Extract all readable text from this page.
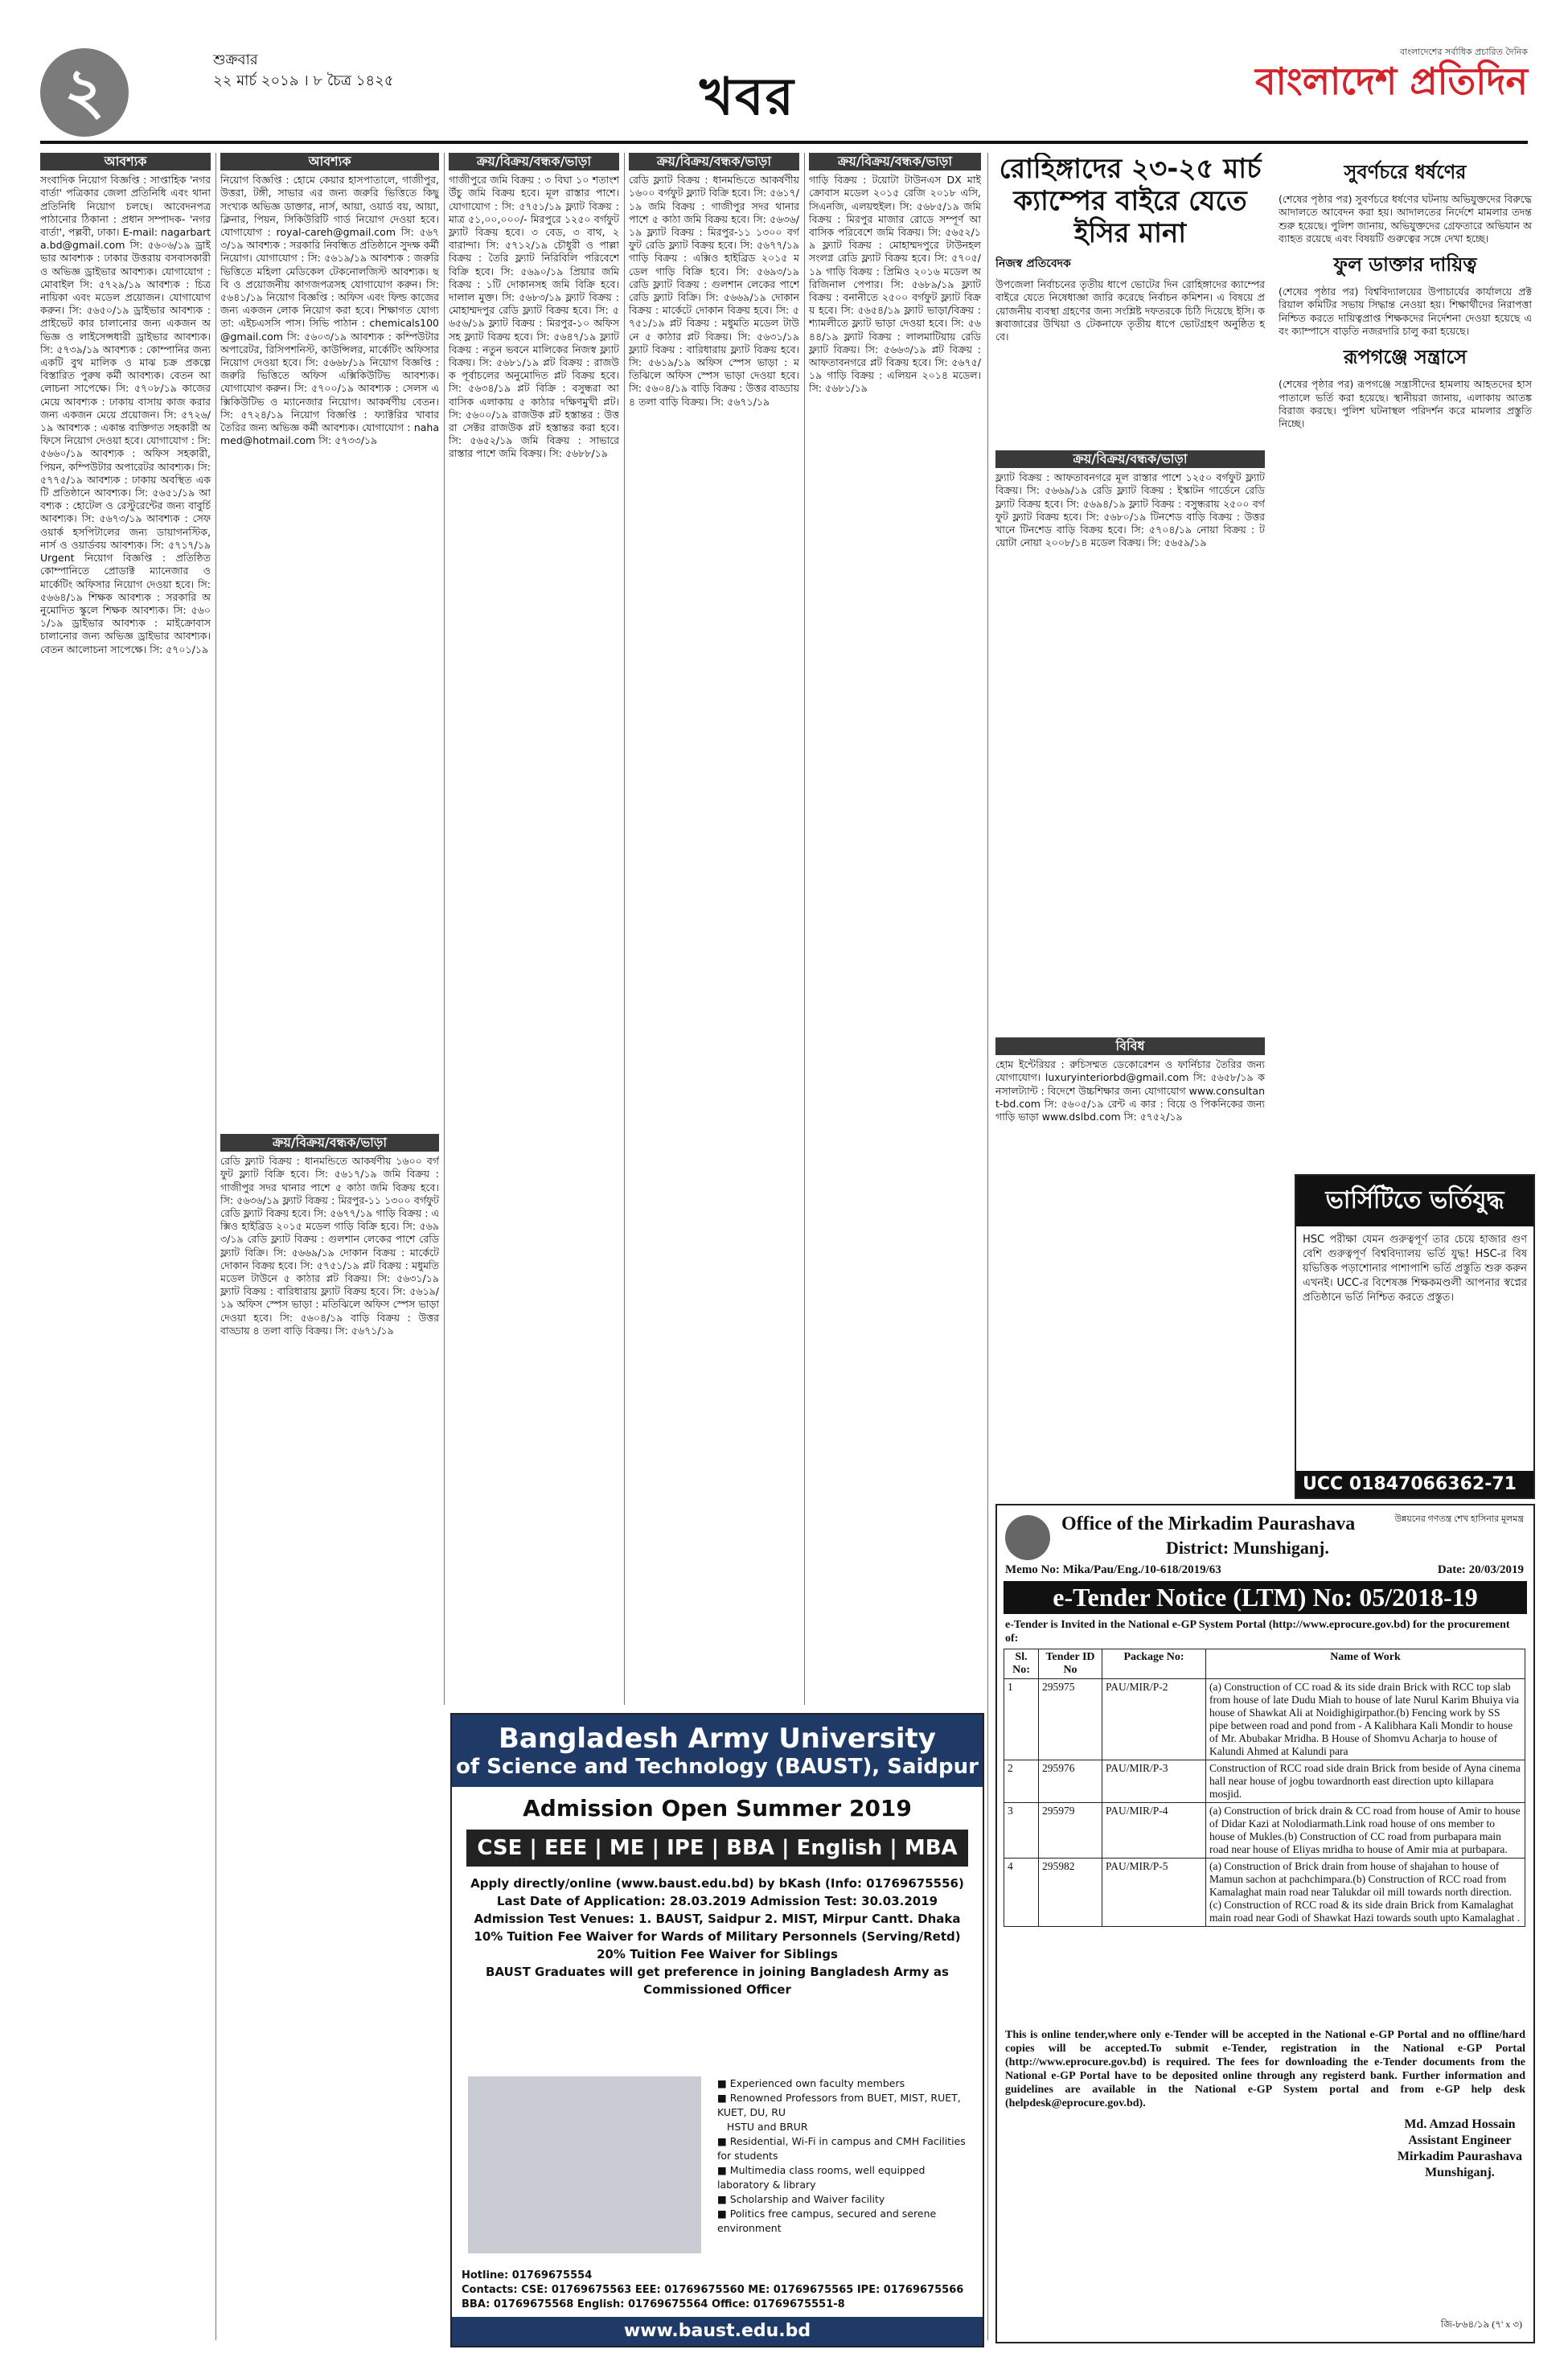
২	শুক্রবার
২২ মার্চ ২০১৯ । ৮ চৈত্র ১৪২৫	খবর
বাংলাদেশের সর্বাধিক প্রচারিত দৈনিক
বাংলাদেশ প্রতিদিন
আবশ্যক
সংবাদিক নিয়োগ বিজ্ঞপ্তি : সাপ্তাহিক 'নগরবার্তা' পত্রিকার জেলা প্রতিনিধি এবং থানা প্রতিনিধি নিয়োগ চলছে। আবেদনপত্র পাঠানোর ঠিকানা : প্রধান সম্পাদক- 'নগরবার্তা', পল্লবী, ঢাকা। E-mail: nagarbarta.bd@gmail.com সি: ৫৬০৬/১৯ ড্রাইভার আবশ্যক : ঢাকার উত্তরায় বসবাসকারী ও অভিজ্ঞ ড্রাইভার আবশ্যক। যোগাযোগ : মোবাইল সি: ৫৭২৯/১৯ আবশ্যক : চিত্রনায়িকা এবং মডেল প্রয়োজন। যোগাযোগ করুন। সি: ৫৬৫০/১৯ ড্রাইভার আবশ্যক : প্রাইভেট কার চালানোর জন্য একজন অভিজ্ঞ ও লাইসেন্সধারী ড্রাইভার আবশ্যক। সি: ৫৭৩৯/১৯ আবশ্যক : কোম্পানির জন্য একটি বুথ মালিক ও মাঝ চক্র প্রকল্পে বিস্তারিত পুরুষ কর্মী আবশ্যক। বেতন আলোচনা সাপেক্ষে। সি: ৫৭০৮/১৯ কাজের মেয়ে আবশ্যক : ঢাকায় বাসায় কাজ করার জন্য একজন মেয়ে প্রয়োজন। সি: ৫৭২৬/১৯ আবশ্যক : একান্ত ব্যক্তিগত সহকারী অফিসে নিয়োগ দেওয়া হবে। যোগাযোগ : সি: ৫৬৬০/১৯ আবশ্যক : অফিস সহকারী, পিয়ন, কম্পিউটার অপারেটর আবশ্যক। সি: ৫৭৭৫/১৯ আবশ্যক : ঢাকায় অবস্থিত একটি প্রতিষ্ঠানে আবশ্যক। সি: ৫৬৫১/১৯ আবশ্যক : হোটেল ও রেস্টুরেন্টের জন্য বাবুর্চি আবশ্যক। সি: ৫৬৭৩/১৯ আবশ্যক : সেফ ওয়ার্ক হসপিটালের জন্য ডায়াগনস্টিক, নার্স ও ওয়ার্ডবয় আবশ্যক। সি: ৫৭১৭/১৯ Urgent নিয়োগ বিজ্ঞপ্তি : প্রতিষ্ঠিত কোম্পানিতে প্রোডাক্ট ম্যানেজার ও মার্কেটিং অফিসার নিয়োগ দেওয়া হবে। সি: ৫৬৬৪/১৯ শিক্ষক আবশ্যক : সরকারি অনুমোদিত স্কুলে শিক্ষক আবশ্যক। সি: ৫৬০১/১৯ ড্রাইভার আবশ্যক : মাইক্রোবাস চালানোর জন্য অভিজ্ঞ ড্রাইভার আবশ্যক। বেতন আলোচনা সাপেক্ষে। সি: ৫৭০১/১৯
আবশ্যক
নিয়োগ বিজ্ঞপ্তি : হোমে কেয়ার হাসপাতালে, গাজীপুর, উত্তরা, টঙ্গী, সাভার এর জন্য জরুরি ভিত্তিতে কিছু সংখ্যক অভিজ্ঞ ডাক্তার, নার্স, আয়া, ওয়ার্ড বয়, আয়া, ক্লিনার, পিয়ন, সিকিউরিটি গার্ড নিয়োগ দেওয়া হবে। যোগাযোগ : royal-careh@gmail.com সি: ৫৬৭৩/১৯ আবশ্যক : সরকারি নিবন্ধিত প্রতিষ্ঠানে সুদক্ষ কর্মী নিয়োগ। যোগাযোগ : সি: ৫৬১৯/১৯ আবশ্যক : জরুরি ভিত্তিতে মহিলা মেডিকেল টেকনোলজিস্ট আবশ্যক। ছবি ও প্রয়োজনীয় কাগজপত্রসহ যোগাযোগ করুন। সি: ৫৬৪১/১৯ নিয়োগ বিজ্ঞপ্তি : অফিস এবং ফিল্ড কাজের জন্য একজন লোক নিয়োগ করা হবে। শিক্ষাগত যোগ্যতা: এইচএসসি পাস। সিভি পাঠান : chemicals100@gmail.com সি: ৫৬০৩/১৯ আবশ্যক : কম্পিউটার অপারেটর, রিসিপশনিস্ট, কাউন্সিলর, মার্কেটিং অফিসার নিয়োগ দেওয়া হবে। সি: ৫৬৬৮/১৯ নিয়োগ বিজ্ঞপ্তি : জরুরি ভিত্তিতে অফিস এক্সিকিউটিভ আবশ্যক। যোগাযোগ করুন। সি: ৫৭০০/১৯ আবশ্যক : সেলস এক্সিকিউটিভ ও ম্যানেজার নিয়োগ। আকর্ষণীয় বেতন। সি: ৫৭২৪/১৯ নিয়োগ বিজ্ঞপ্তি : ফ্যাক্টরির খাবার তৈরির জন্য অভিজ্ঞ কর্মী আবশ্যক। যোগাযোগ : nahamed@hotmail.com সি: ৫৭৩৩/১৯
ক্রয়/বিক্রয়/বন্ধক/ভাড়া
গাজীপুরে জমি বিক্রয় : ৩ বিঘা ১০ শতাংশ উঁচু জমি বিক্রয় হবে। মূল রাস্তার পাশে। যোগাযোগ : সি: ৫৭৫১/১৯ ফ্ল্যাট বিক্রয় : মাত্র ৫১,০০,০০০/- মিরপুরে ১২৫০ বর্গফুট ফ্ল্যাট বিক্রয় হবে। ৩ বেড, ৩ বাথ, ২ বারান্দা। সি: ৫৭১২/১৯ চৌধুরী ও পাল্লা বিক্রয় : তৈরি ফ্ল্যাট নিরিবিলি পরিবেশে বিক্রি হবে। সি: ৫৬৯০/১৯ প্রিয়ার জমি বিক্রয় : ১টি দোকানসহ জমি বিক্রি হবে। দালাল মুক্ত। সি: ৫৬৮৩/১৯ ফ্ল্যাট বিক্রয় : মোহাম্মদপুর রেডি ফ্ল্যাট বিক্রয় হবে। সি: ৫৬৫৬/১৯ ফ্ল্যাট বিক্রয় : মিরপুর-১০ অফিসসহ ফ্ল্যাট বিক্রয় হবে। সি: ৫৬৪৭/১৯ ফ্ল্যাট বিক্রয় : নতুন ভবনে মালিকের নিজস্ব ফ্ল্যাট বিক্রয়। সি: ৫৬৮১/১৯ প্লট বিক্রয় : রাজউক পূর্বাচলের অনুমোদিত প্লট বিক্রয় হবে। সি: ৫৬৩৪/১৯ প্লট বিক্রি : বসুন্ধরা আবাসিক এলাকায় ৫ কাঠার দক্ষিণমুখী প্লট। সি: ৫৬০০/১৯ রাজউক প্লট হস্তান্তর : উত্তরা সেক্টর রাজউক প্লট হস্তান্তর করা হবে। সি: ৫৬৫২/১৯ জমি বিক্রয় : সাভারে রাস্তার পাশে জমি বিক্রয়। সি: ৫৬৮৮/১৯
ক্রয়/বিক্রয়/বন্ধক/ভাড়া
রেডি ফ্ল্যাট বিক্রয় : ধানমন্ডিতে আকর্ষণীয় ১৬০০ বর্গফুট ফ্ল্যাট বিক্রি হবে। সি: ৫৬১৭/১৯ জমি বিক্রয় : গাজীপুর সদর থানার পাশে ৫ কাঠা জমি বিক্রয় হবে। সি: ৫৬৩৬/১৯ ফ্ল্যাট বিক্রয় : মিরপুর-১১ ১৩০০ বর্গফুট রেডি ফ্ল্যাট বিক্রয় হবে। সি: ৫৬৭৭/১৯ গাড়ি বিক্রয় : এক্সিও হাইব্রিড ২০১৫ মডেল গাড়ি বিক্রি হবে। সি: ৫৬৯৩/১৯ রেডি ফ্ল্যাট বিক্রয় : গুলশান লেকের পাশে রেডি ফ্ল্যাট বিক্রি। সি: ৫৬৬৯/১৯ দোকান বিক্রয় : মার্কেটে দোকান বিক্রয় হবে। সি: ৫৭৫১/১৯ প্লট বিক্রয় : মধুমতি মডেল টাউনে ৫ কাঠার প্লট বিক্রয়। সি: ৫৬৩১/১৯ ফ্ল্যাট বিক্রয় : বারিধারায় ফ্ল্যাট বিক্রয় হবে। সি: ৫৬১৯/১৯ অফিস স্পেস ভাড়া : মতিঝিলে অফিস স্পেস ভাড়া দেওয়া হবে। সি: ৫৬০৪/১৯ বাড়ি বিক্রয় : উত্তর বাড্ডায় ৪ তলা বাড়ি বিক্রয়। সি: ৫৬৭১/১৯
ক্রয়/বিক্রয়/বন্ধক/ভাড়া
গাড়ি বিক্রয় : টয়োটা টাউনএস DX মাইক্রোবাস মডেল ২০১৫ রেজি ২০১৮ এসি, সিএনজি, এলয়হুইল। সি: ৫৬৮৫/১৯ জমি বিক্রয় : মিরপুর মাজার রোডে সম্পূর্ণ আবাসিক পরিবেশে জমি বিক্রয়। সি: ৫৬৫২/১৯ ফ্ল্যাট বিক্রয় : মোহাম্মদপুরে টাউনহল সংলগ্ন রেডি ফ্ল্যাট বিক্রয় হবে। সি: ৫৭০৫/১৯ গাড়ি বিক্রয় : প্রিমিও ২০১৬ মডেল অরিজিনাল পেপার। সি: ৫৬৮৯/১৯ ফ্ল্যাট বিক্রয় : বনানীতে ২৫০০ বর্গফুট ফ্ল্যাট বিক্রয় হবে। সি: ৫৬৫৪/১৯ ফ্ল্যাট ভাড়া/বিক্রয় : শ্যামলীতে ফ্ল্যাট ভাড়া দেওয়া হবে। সি: ৫৬৪৪/১৯ ফ্ল্যাট বিক্রয় : লালমাটিয়ায় রেডি ফ্ল্যাট বিক্রয়। সি: ৫৬৬৩/১৯ প্লট বিক্রয় : আফতাবনগরে প্লট বিক্রয় হবে। সি: ৫৬৭৫/১৯ গাড়ি বিক্রয় : এলিয়ন ২০১৪ মডেল। সি: ৫৬৮১/১৯
ক্রয়/বিক্রয়/বন্ধক/ভাড়া
রেডি ফ্ল্যাট বিক্রয় : ধানমন্ডিতে আকর্ষণীয় ১৬০০ বর্গফুট ফ্ল্যাট বিক্রি হবে। সি: ৫৬১৭/১৯ জমি বিক্রয় : গাজীপুর সদর থানার পাশে ৫ কাঠা জমি বিক্রয় হবে। সি: ৫৬৩৬/১৯ ফ্ল্যাট বিক্রয় : মিরপুর-১১ ১৩০০ বর্গফুট রেডি ফ্ল্যাট বিক্রয় হবে। সি: ৫৬৭৭/১৯ গাড়ি বিক্রয় : এক্সিও হাইব্রিড ২০১৫ মডেল গাড়ি বিক্রি হবে। সি: ৫৬৯৩/১৯ রেডি ফ্ল্যাট বিক্রয় : গুলশান লেকের পাশে রেডি ফ্ল্যাট বিক্রি। সি: ৫৬৬৯/১৯ দোকান বিক্রয় : মার্কেটে দোকান বিক্রয় হবে। সি: ৫৭৫১/১৯ প্লট বিক্রয় : মধুমতি মডেল টাউনে ৫ কাঠার প্লট বিক্রয়। সি: ৫৬৩১/১৯ ফ্ল্যাট বিক্রয় : বারিধারায় ফ্ল্যাট বিক্রয় হবে। সি: ৫৬১৯/১৯ অফিস স্পেস ভাড়া : মতিঝিলে অফিস স্পেস ভাড়া দেওয়া হবে। সি: ৫৬০৪/১৯ বাড়ি বিক্রয় : উত্তর বাড্ডায় ৪ তলা বাড়ি বিক্রয়। সি: ৫৬৭১/১৯
রোহিঙ্গাদের ২৩-২৫ মার্চ ক্যাম্পের বাইরে যেতে ইসির মানা
নিজস্ব প্রতিবেদক
উপজেলা নির্বাচনের তৃতীয় ধাপে ভোটের দিন রোহিঙ্গাদের ক্যাম্পের বাইরে যেতে নিষেধাজ্ঞা জারি করেছে নির্বাচন কমিশন। এ বিষয়ে প্রয়োজনীয় ব্যবস্থা গ্রহণের জন্য সংশ্লিষ্ট দফতরকে চিঠি দিয়েছে ইসি। কক্সবাজারের উখিয়া ও টেকনাফে তৃতীয় ধাপে ভোটগ্রহণ অনুষ্ঠিত হবে।
সুবর্ণচরে ধর্ষণের
(শেষের পৃষ্ঠার পর) সুবর্ণচরে ধর্ষণের ঘটনায় অভিযুক্তদের বিরুদ্ধে আদালতে আবেদন করা হয়। আদালতের নির্দেশে মামলার তদন্ত শুরু হয়েছে। পুলিশ জানায়, অভিযুক্তদের গ্রেফতারে অভিযান অব্যাহত রয়েছে এবং বিষয়টি গুরুত্বের সঙ্গে দেখা হচ্ছে।
ফুল ডাক্তার দায়িত্ব
(শেষের পৃষ্ঠার পর) বিশ্ববিদ্যালয়ের উপাচার্যের কার্যালয়ে প্রক্টরিয়াল কমিটির সভায় সিদ্ধান্ত নেওয়া হয়। শিক্ষার্থীদের নিরাপত্তা নিশ্চিত করতে দায়িত্বপ্রাপ্ত শিক্ষকদের নির্দেশনা দেওয়া হয়েছে এবং ক্যাম্পাসে বাড়তি নজরদারি চালু করা হয়েছে।
রূপগঞ্জে সন্ত্রাসে
(শেষের পৃষ্ঠার পর) রূপগঞ্জে সন্ত্রাসীদের হামলায় আহতদের হাসপাতালে ভর্তি করা হয়েছে। স্থানীয়রা জানায়, এলাকায় আতঙ্ক বিরাজ করছে। পুলিশ ঘটনাস্থল পরিদর্শন করে মামলার প্রস্তুতি নিচ্ছে।
ক্রয়/বিক্রয়/বন্ধক/ভাড়া
ফ্ল্যাট বিক্রয় : আফতাবনগরে মূল রাস্তার পাশে ১২৫০ বর্গফুট ফ্ল্যাট বিক্রয়। সি: ৫৬৬৯/১৯ রেডি ফ্ল্যাট বিক্রয় : ইস্কাটন গার্ডেনে রেডি ফ্ল্যাট বিক্রয় হবে। সি: ৫৬৯৪/১৯ ফ্ল্যাট বিক্রয় : বসুন্ধরায় ২৫০০ বর্গফুট ফ্ল্যাট বিক্রয় হবে। সি: ৫৬৮০/১৯ টিনশেড বাড়ি বিক্রয় : উত্তরখানে টিনশেড বাড়ি বিক্রয় হবে। সি: ৫৭০৪/১৯ নোয়া বিক্রয় : টয়োটা নোয়া ২০০৮/১৪ মডেল বিক্রয়। সি: ৫৬৫৯/১৯
বিবিধ
হোম ইন্টেরিয়র : রুচিসম্মত ডেকোরেশন ও ফার্নিচার তৈরির জন্য যোগাযোগ। luxuryinteriorbd@gmail.com সি: ৫৬৫৮/১৯ কনসালট্যান্ট : বিদেশে উচ্চশিক্ষার জন্য যোগাযোগ www.consultant-bd.com সি: ৫৬০৫/১৯ রেন্ট এ কার : বিয়ে ও পিকনিকের জন্য গাড়ি ভাড়া www.dslbd.com সি: ৫৭৫২/১৯
ভার্সিটিতে ভর্তিযুদ্ধ
HSC পরীক্ষা যেমন গুরুত্বপূর্ণ তার চেয়ে হাজার গুণ বেশি গুরুত্বপূর্ণ বিশ্ববিদ্যালয় ভর্তি যুদ্ধ! HSC-র বিষয়ভিত্তিক পড়াশোনার পাশাপাশি ভর্তি প্রস্তুতি শুরু করুন এখনই। UCC-র বিশেষজ্ঞ শিক্ষকমণ্ডলী আপনার স্বপ্নের প্রতিষ্ঠানে ভর্তি নিশ্চিত করতে প্রস্তুত।
UCC 01847066362-71
Bangladesh Army University
of Science and Technology (BAUST), Saidpur
Admission Open Summer 2019
CSE | EEE | ME | IPE | BBA | English | MBA
Apply directly/online (www.baust.edu.bd) by bKash (Info: 01769675556)
Last Date of Application: 28.03.2019 Admission Test: 30.03.2019
Admission Test Venues: 1. BAUST, Saidpur 2. MIST, Mirpur Cantt. Dhaka
10% Tuition Fee Waiver for Wards of Military Personnels (Serving/Retd)
20% Tuition Fee Waiver for Siblings
BAUST Graduates will get preference in joining Bangladesh Army as Commissioned Officer
■ Experienced own faculty members
■ Renowned Professors from BUET, MIST, RUET, KUET, DU, RU
HSTU and BRUR
■ Residential, Wi-Fi in campus and CMH Facilities for students
■ Multimedia class rooms, well equipped laboratory & library
■ Scholarship and Waiver facility
■ Politics free campus, secured and serene environment
Hotline: 01769675554
Contacts: CSE: 01769675563 EEE: 01769675560 ME: 01769675565 IPE: 01769675566
BBA: 01769675568 English: 01769675564 Office: 01769675551-8
www.baust.edu.bd
Office of the Mirkadim Paurashava
District: Munshiganj.
উন্নয়নের গণতন্ত্র শেখ হাসিনার মূলমন্ত্র
Memo No: Mika/Pau/Eng./10-618/2019/63	Date: 20/03/2019
e-Tender Notice (LTM) No: 05/2018-19
e-Tender is Invited in the National e-GP System Portal (http://www.eprocure.gov.bd) for the procurement of:
Sl. No:	Tender ID No	Package No:	Name of Work
1	295975	PAU/MIR/P-2	(a) Construction of CC road & its side drain Brick with RCC top slab from house of late Dudu Miah to house of late Nurul Karim Bhuiya via house of Shawkat Ali at Noidighigirpathor.(b) Fencing work by SS pipe between road and pond from - A Kalibhara Kali Mondir to house of Mr. Abubakar Mridha. B House of Shomvu Acharja to house of Kalundi Ahmed at Kalundi para
2	295976	PAU/MIR/P-3	Construction of RCC road side drain Brick from beside of Ayna cinema hall near house of jogbu towardnorth east direction upto killapara mosjid.
3	295979	PAU/MIR/P-4	(a) Construction of brick drain & CC road from house of Amir to house of Didar Kazi at Nolodiarmath.Link road house of ons member to house of Mukles.(b) Construction of CC road from purbapara main road near house of Eliyas mridha to house of Amir mia at purbapara.
4	295982	PAU/MIR/P-5	(a) Construction of Brick drain from house of shajahan to house of Mamun sachon at pachchimpara.(b) Construction of RCC road from Kamalaghat main road near Talukdar oil mill towards north direction.(c) Construction of RCC road & its side drain Brick from Kamalaghat main road near Godi of Shawkat Hazi towards south upto Kamalaghat .
This is online tender,where only e-Tender will be accepted in the National e-GP Portal and no offline/hard copies will be accepted.To submit e-Tender, registration in the National e-GP Portal (http://www.eprocure.gov.bd) is required. The fees for downloading the e-Tender documents from the National e-GP Portal have to be deposited online through any registerd bank. Further information and guidelines are available in the National e-GP System portal and from e-GP help desk (helpdesk@eprocure.gov.bd).
Md. Amzad Hossain
Assistant Engineer
Mirkadim Paurashava
Munshiganj.
জি-৮৬৪/১৯ (৭' x ৩)
